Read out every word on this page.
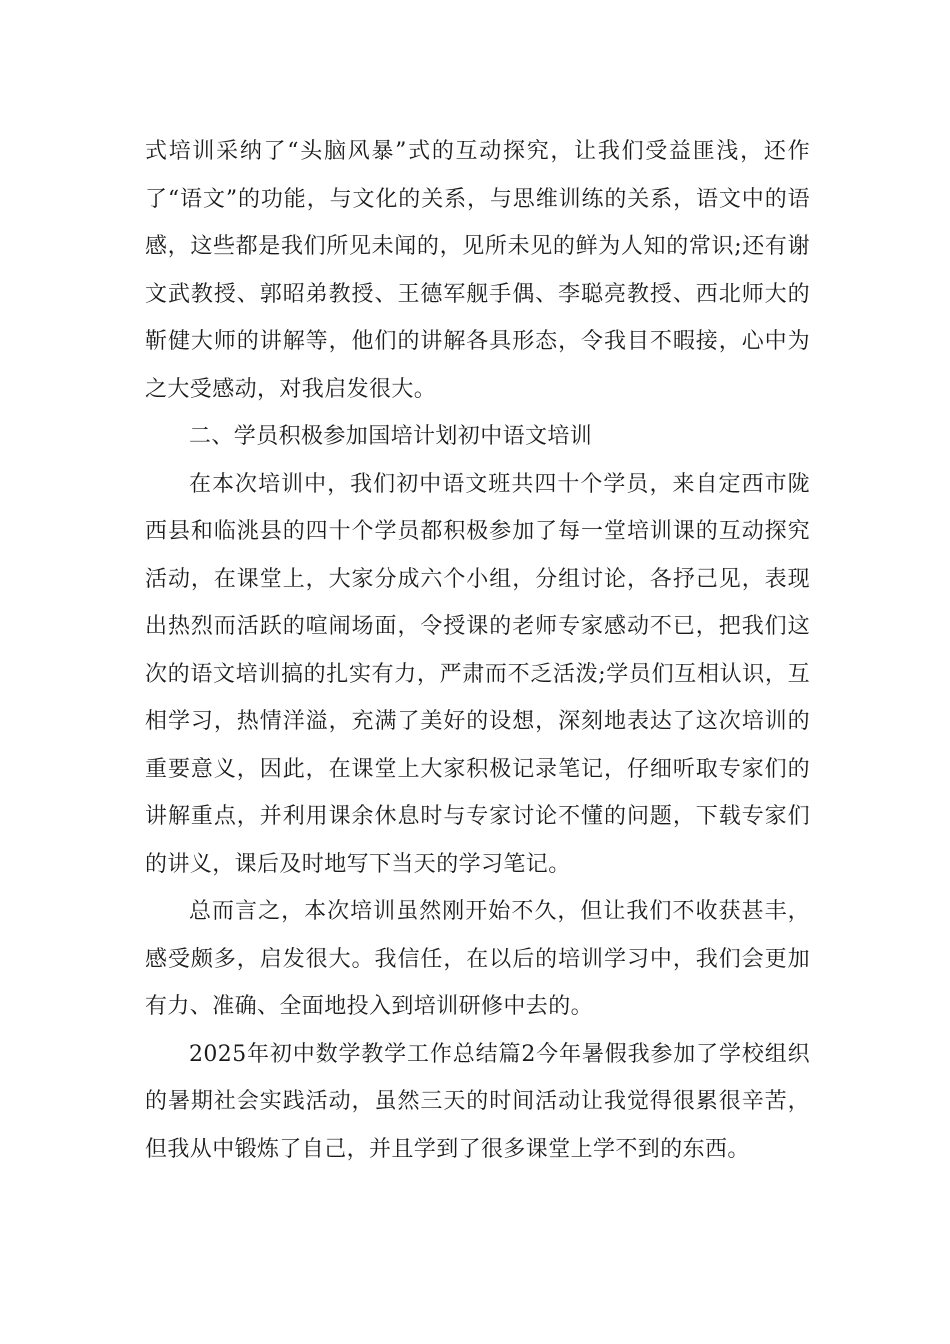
式培训采纳了“头脑风暴”式的互动探究，让我们受益匪浅，还作了“语文”的功能，与文化的关系，与思维训练的关系，语文中的语感，这些都是我们所见未闻的，见所未见的鲜为人知的常识;还有谢文武教授、郭昭弟教授、王德军舰手偶、李聪亮教授、西北师大的靳健大师的讲解等，他们的讲解各具形态，令我目不暇接，心中为之大受感动，对我启发很大。

二、学员积极参加国培计划初中语文培训

在本次培训中，我们初中语文班共四十个学员，来自定西市陇西县和临洮县的四十个学员都积极参加了每一堂培训课的互动探究活动，在课堂上，大家分成六个小组，分组讨论，各抒己见，表现出热烈而活跃的喧闹场面，令授课的老师专家感动不已，把我们这次的语文培训搞的扎实有力，严肃而不乏活泼;学员们互相认识，互相学习，热情洋溢，充满了美好的设想，深刻地表达了这次培训的重要意义，因此，在课堂上大家积极记录笔记，仔细听取专家们的讲解重点，并利用课余休息时与专家讨论不懂的问题，下载专家们的讲义，课后及时地写下当天的学习笔记。

总而言之，本次培训虽然刚开始不久，但让我们不收获甚丰，感受颇多，启发很大。我信任，在以后的培训学习中，我们会更加有力、准确、全面地投入到培训研修中去的。

2025年初中数学教学工作总结篇2今年暑假我参加了学校组织的暑期社会实践活动，虽然三天的时间活动让我觉得很累很辛苦，但我从中锻炼了自己，并且学到了很多课堂上学不到的东西。
